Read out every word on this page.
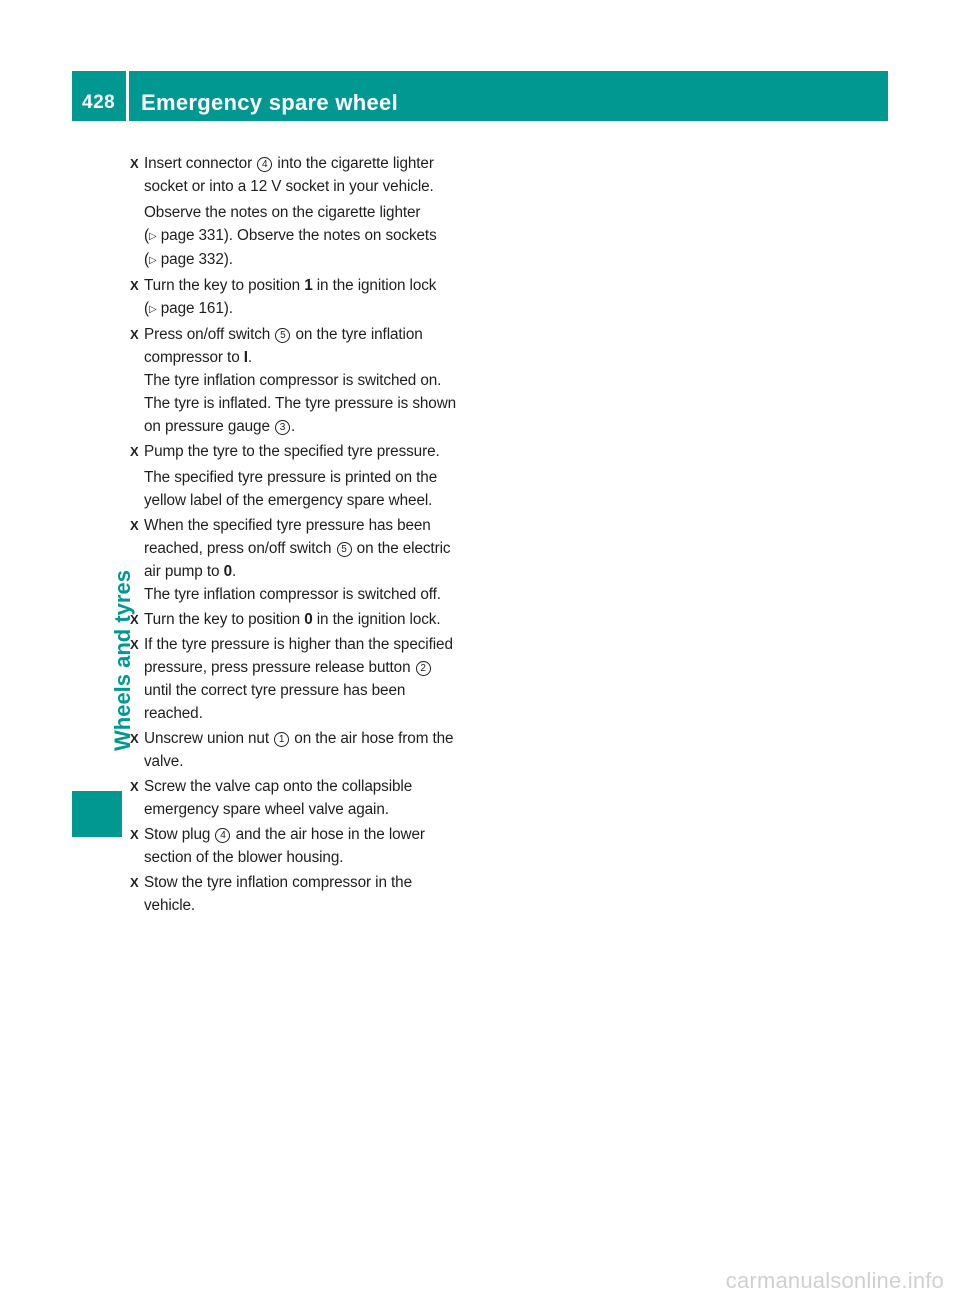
428 Emergency spare wheel
Wheels and tyres
X Insert connector 4 into the cigarette lighter socket or into a 12 V socket in your vehicle.
Observe the notes on the cigarette lighter (▷ page 331). Observe the notes on sockets (▷ page 332).
X Turn the key to position 1 in the ignition lock (▷ page 161).
X Press on/off switch 5 on the tyre inflation compressor to I.
The tyre inflation compressor is switched on. The tyre is inflated. The tyre pressure is shown on pressure gauge 3 .
X Pump the tyre to the specified tyre pressure.
The specified tyre pressure is printed on the yellow label of the emergency spare wheel.
X When the specified tyre pressure has been reached, press on/off switch 5 on the electric air pump to 0.
The tyre inflation compressor is switched off.
X Turn the key to position 0 in the ignition lock.
X If the tyre pressure is higher than the specified pressure, press pressure release button 2 until the correct tyre pressure has been reached.
X Unscrew union nut 1 on the air hose from the valve.
X Screw the valve cap onto the collapsible emergency spare wheel valve again.
X Stow plug 4 and the air hose in the lower section of the blower housing.
X Stow the tyre inflation compressor in the vehicle.
carmanualsonline.info
